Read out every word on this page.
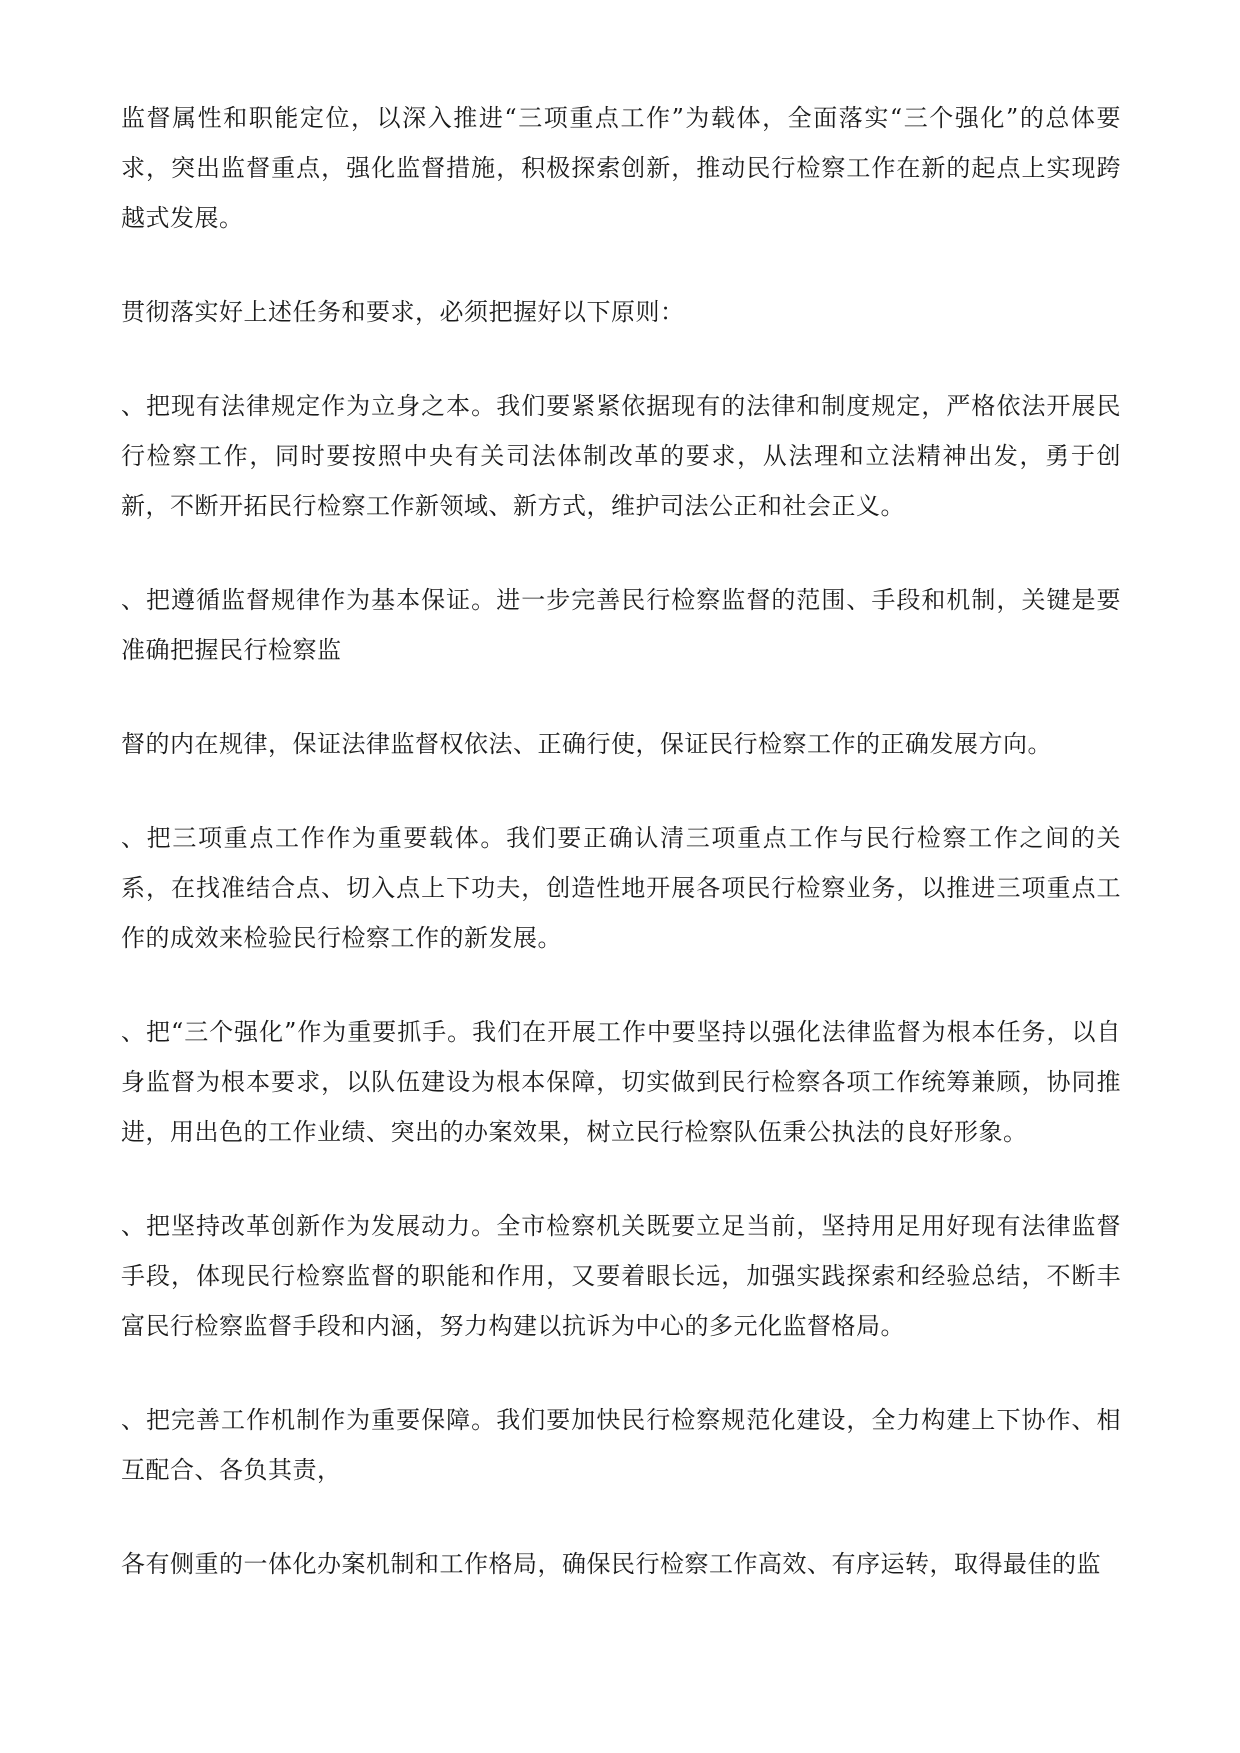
监督属性和职能定位，以深入推进“三项重点工作”为载体，全面落实“三个强化”的总体要求，突出监督重点，强化监督措施，积极探索创新，推动民行检察工作在新的起点上实现跨越式发展。

贯彻落实好上述任务和要求，必须把握好以下原则：

、把现有法律规定作为立身之本。我们要紧紧依据现有的法律和制度规定，严格依法开展民行检察工作，同时要按照中央有关司法体制改革的要求，从法理和立法精神出发，勇于创新，不断开拓民行检察工作新领域、新方式，维护司法公正和社会正义。

、把遵循监督规律作为基本保证。进一步完善民行检察监督的范围、手段和机制，关键是要准确把握民行检察监

督的内在规律，保证法律监督权依法、正确行使，保证民行检察工作的正确发展方向。

、把三项重点工作作为重要载体。我们要正确认清三项重点工作与民行检察工作之间的关系，在找准结合点、切入点上下功夫，创造性地开展各项民行检察业务，以推进三项重点工作的成效来检验民行检察工作的新发展。

、把“三个强化”作为重要抓手。我们在开展工作中要坚持以强化法律监督为根本任务，以自身监督为根本要求，以队伍建设为根本保障，切实做到民行检察各项工作统筹兼顾，协同推进，用出色的工作业绩、突出的办案效果，树立民行检察队伍秉公执法的良好形象。

、把坚持改革创新作为发展动力。全市检察机关既要立足当前，坚持用足用好现有法律监督手段，体现民行检察监督的职能和作用，又要着眼长远，加强实践探索和经验总结，不断丰富民行检察监督手段和内涵，努力构建以抗诉为中心的多元化监督格局。

、把完善工作机制作为重要保障。我们要加快民行检察规范化建设，全力构建上下协作、相互配合、各负其责，

各有侧重的一体化办案机制和工作格局，确保民行检察工作高效、有序运转，取得最佳的监
